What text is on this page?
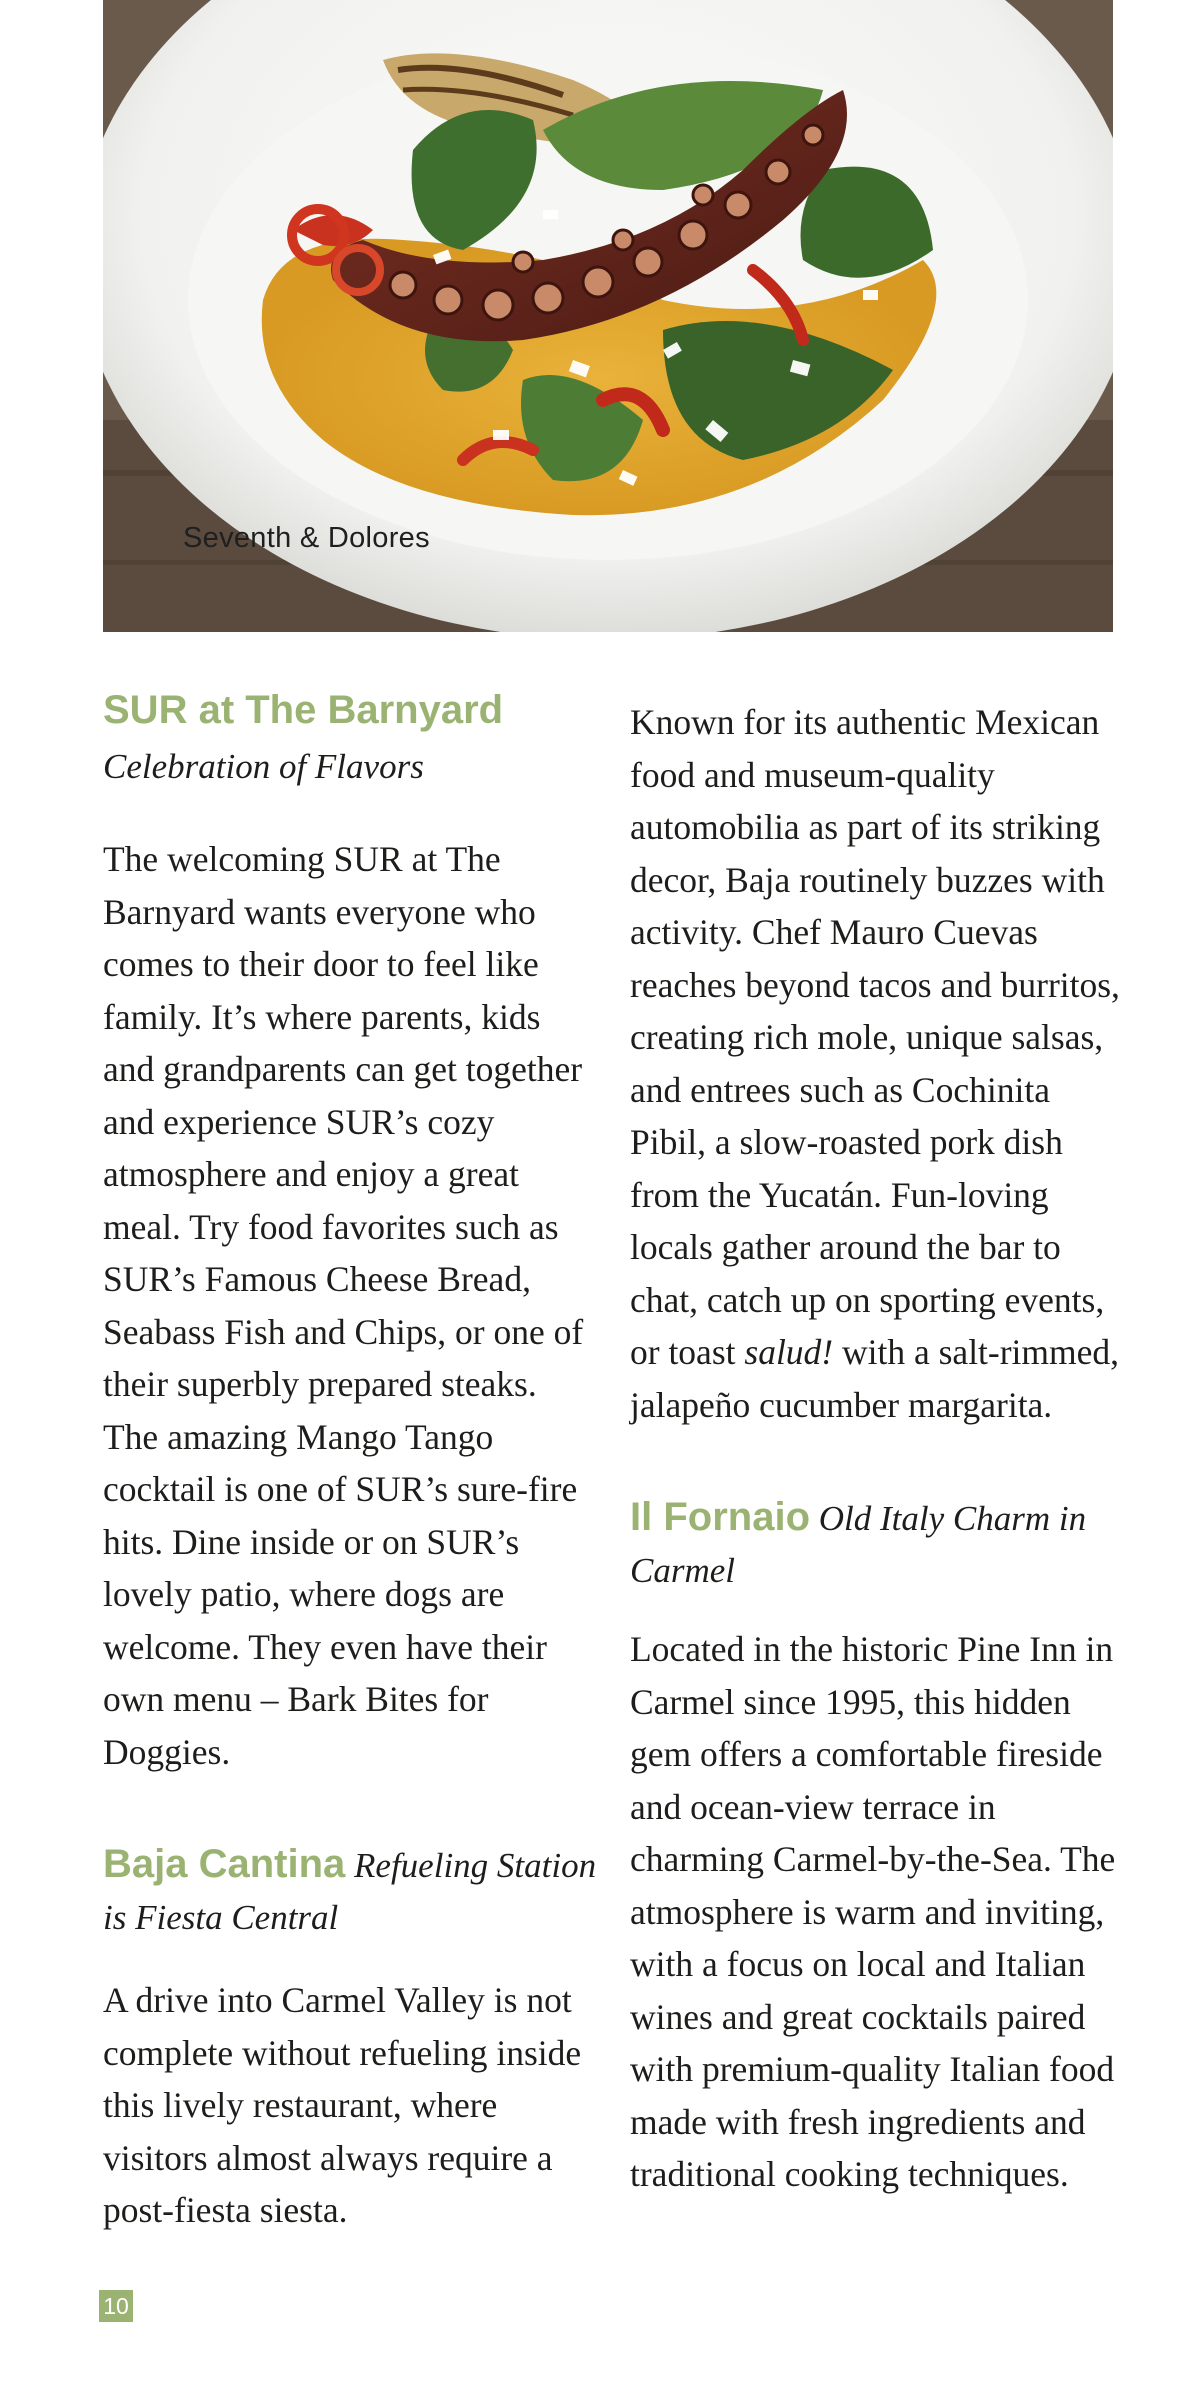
Seventh & Dolores
SUR at The Barnyard
Celebration of Flavors

The welcoming SUR at The Barnyard wants everyone who comes to their door to feel like family. It’s where parents, kids and grandparents can get together and experience SUR’s cozy atmosphere and enjoy a great meal. Try food favorites such as SUR’s Famous Cheese Bread, Seabass Fish and Chips, or one of their superbly prepared steaks. The amazing Mango Tango cocktail is one of SUR’s sure-fire hits. Dine inside or on SUR’s lovely patio, where dogs are welcome. They even have their own menu – Bark Bites for Doggies.

Baja Cantina Refueling Station is Fiesta Central

A drive into Carmel Valley is not complete without refueling inside this lively restaurant, where visitors almost always require a post-fiesta siesta.

Known for its authentic Mexican food and museum-quality automobilia as part of its striking decor, Baja routinely buzzes with activity. Chef Mauro Cuevas reaches beyond tacos and burritos, creating rich mole, unique salsas, and entrees such as Cochinita Pibil, a slow-roasted pork dish from the Yucatán. Fun-loving locals gather around the bar to chat, catch up on sporting events, or toast salud! with a salt-rimmed, jalapeño cucumber margarita.

Il Fornaio Old Italy Charm in Carmel

Located in the historic Pine Inn in Carmel since 1995, this hidden gem offers a comfortable fireside and ocean-view terrace in charming Carmel-by-the-Sea. The atmosphere is warm and inviting, with a focus on local and Italian wines and great cocktails paired with premium-quality Italian food made with fresh ingredients and traditional cooking techniques.

10
